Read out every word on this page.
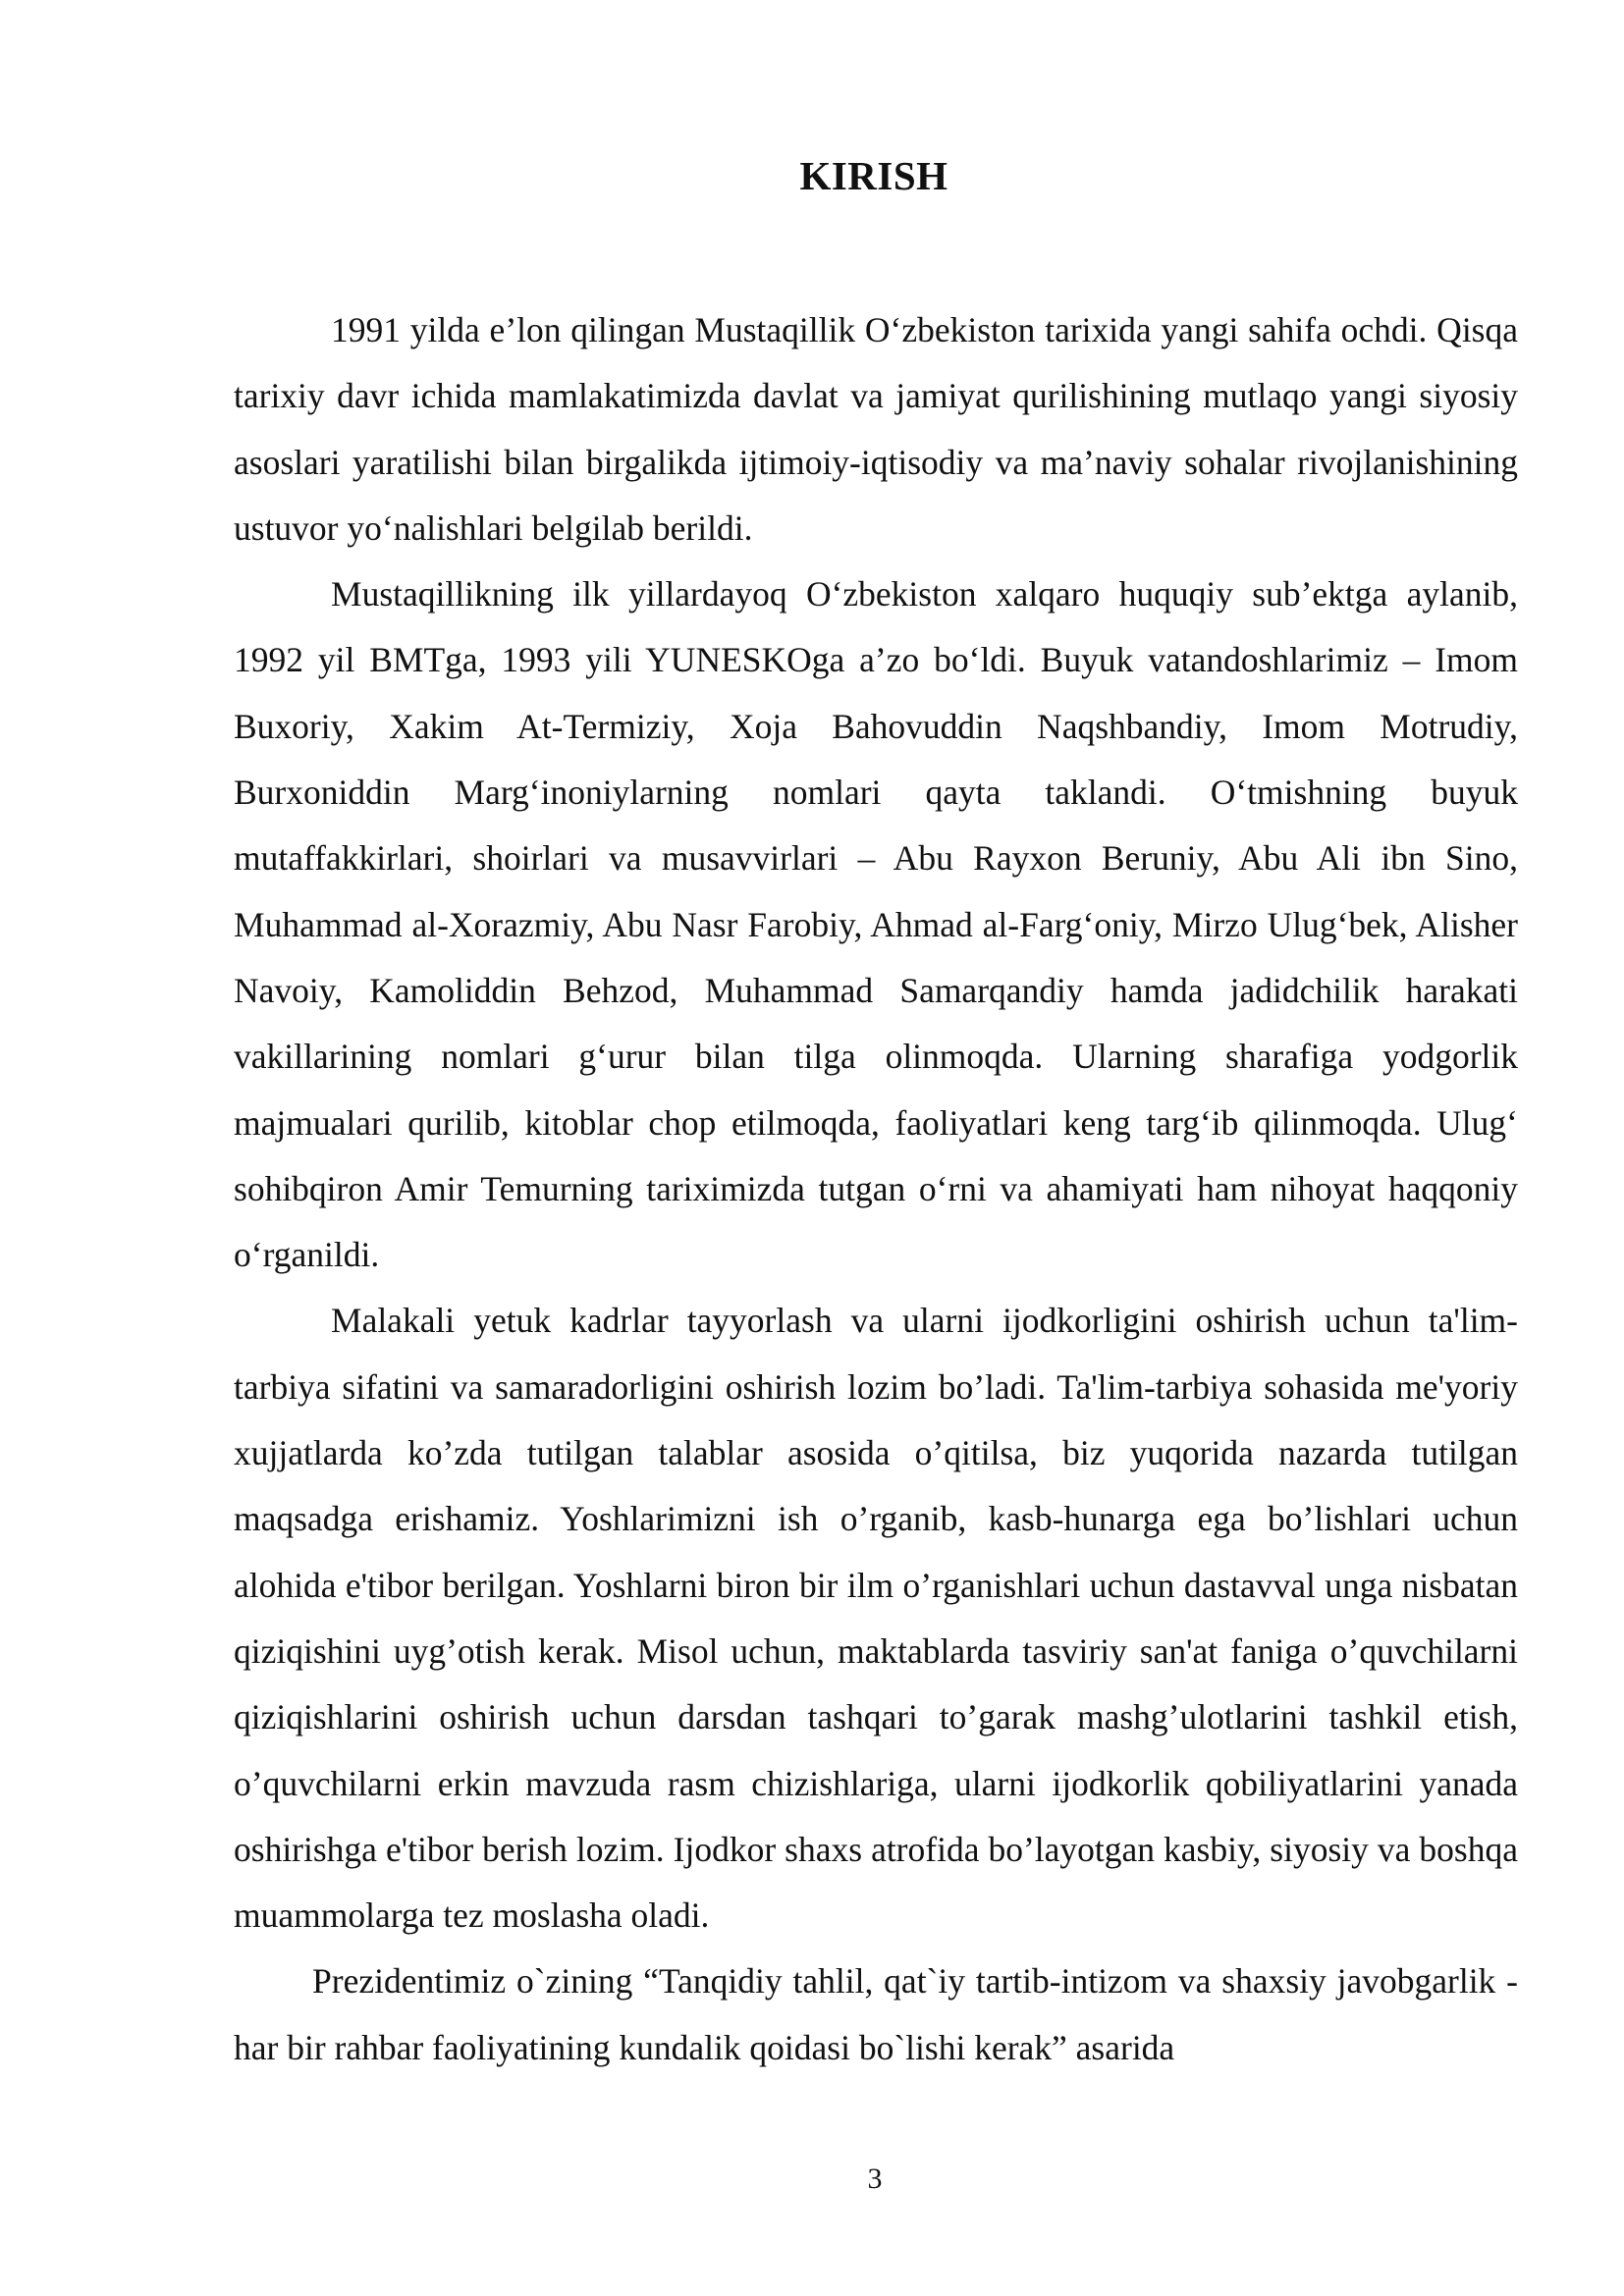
KIRISH

1991 yilda e’lon qilingan Mustaqillik O‘zbekiston tarixida yangi sahifa ochdi. Qisqa tarixiy davr ichida mamlakatimizda davlat va jamiyat qurilishining mutlaqo yangi siyosiy asoslari yaratilishi bilan birgalikda ijtimoiy-iqtisodiy va ma’naviy sohalar rivojlanishining ustuvor yo‘nalishlari belgilab berildi.

Mustaqillikning ilk yillardayoq O‘zbekiston xalqaro huquqiy sub’ektga aylanib, 1992 yil BMTga, 1993 yili YUNESKOga a’zo bo‘ldi. Buyuk vatandoshlarimiz – Imom Buxoriy, Xakim At-Termiziy, Xoja Bahovuddin Naqshbandiy, Imom Motrudiy, Burxoniddin Marg‘inoniylarning nomlari qayta taklandi. O‘tmishning buyuk mutaffakkirlari, shoirlari va musavvirlari – Abu Rayxon Beruniy, Abu Ali ibn Sino, Muhammad al-Xorazmiy, Abu Nasr Farobiy, Ahmad al-Farg‘oniy, Mirzo Ulug‘bek, Alisher Navoiy, Kamoliddin Behzod, Muhammad Samarqandiy hamda jadidchilik harakati vakillarining nomlari g‘urur bilan tilga olinmoqda. Ularning sharafiga yodgorlik majmualari qurilib, kitoblar chop etilmoqda, faoliyatlari keng targ‘ib qilinmoqda. Ulug‘ sohibqiron Amir Temurning tariximizda tutgan o‘rni va ahamiyati ham nihoyat haqqoniy o‘rganildi.

Malakali yetuk kadrlar tayyorlash va ularni ijodkorligini oshirish uchun ta'lim-tarbiya sifatini va samaradorligini oshirish lozim bo’ladi. Ta'lim-tarbiya sohasida me'yoriy xujjatlarda ko’zda tutilgan talablar asosida o’qitilsa, biz yuqorida nazarda tutilgan maqsadga erishamiz. Yoshlarimizni ish o’rganib, kasb-hunarga ega bo’lishlari uchun alohida e'tibor berilgan. Yoshlarni biron bir ilm o’rganishlari uchun dastavval unga nisbatan qiziqishini uyg’otish kerak. Misol uchun, maktablarda tasviriy san'at faniga o’quvchilarni qiziqishlarini oshirish uchun darsdan tashqari to’garak mashg’ulotlarini tashkil etish, o’quvchilarni erkin mavzuda rasm chizishlariga, ularni ijodkorlik qobiliyatlarini yanada oshirishga e'tibor berish lozim. Ijodkor shaxs atrofida bo’layotgan kasbiy, siyosiy va boshqa muammolarga tez moslasha oladi.

Prezidentimiz o`zining “Tanqidiy tahlil, qat`iy tartib-intizom va shaxsiy javobgarlik - har bir rahbar faoliyatining kundalik qoidasi bo`lishi kerak” asarida

3
